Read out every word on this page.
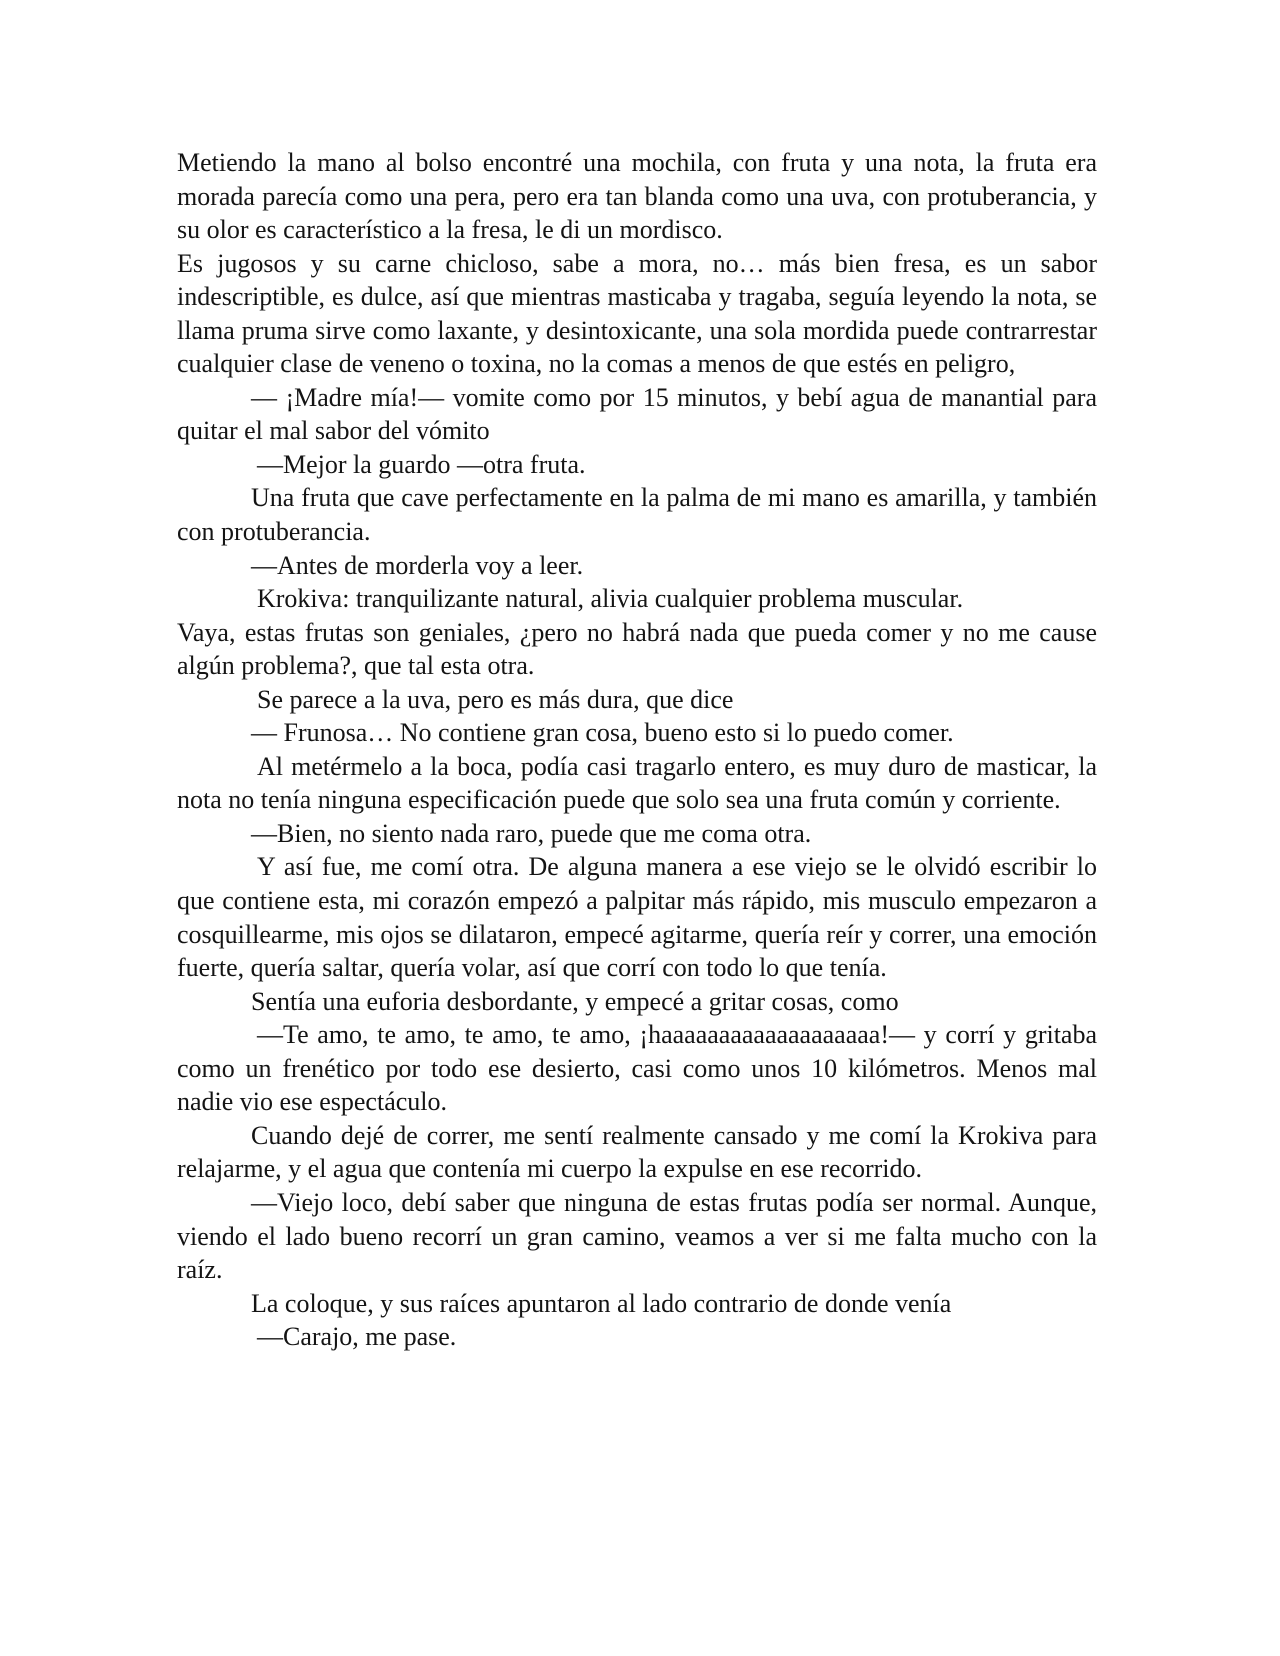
Metiendo la mano al bolso encontré una mochila, con fruta y una nota, la fruta era morada parecía como una pera, pero era tan blanda como una uva, con protuberancia, y su olor es característico a la fresa, le di un mordisco.

Es jugosos y su carne chicloso, sabe a mora, no… más bien fresa, es un sabor indescriptible, es dulce, así que mientras masticaba y tragaba, seguía leyendo la nota, se llama pruma sirve como laxante, y desintoxicante, una sola mordida puede contrarrestar cualquier clase de veneno o toxina, no la comas a menos de que estés en peligro,

— ¡Madre mía!— vomite como por 15 minutos, y bebí agua de manantial para quitar el mal sabor del vómito

—Mejor la guardo —otra fruta.

Una fruta que cave perfectamente en la palma de mi mano es amarilla, y también con protuberancia.

—Antes de morderla voy a leer.

Krokiva: tranquilizante natural, alivia cualquier problema muscular.

Vaya, estas frutas son geniales, ¿pero no habrá nada que pueda comer y no me cause algún problema?, que tal esta otra.

Se parece a la uva, pero es más dura, que dice

— Frunosa… No contiene gran cosa, bueno esto si lo puedo comer.

Al metérmelo a la boca, podía casi tragarlo entero, es muy duro de masticar, la nota no tenía ninguna especificación puede que solo sea una fruta común y corriente.

—Bien, no siento nada raro, puede que me coma otra.

Y así fue, me comí otra. De alguna manera a ese viejo se le olvidó escribir lo que contiene esta, mi corazón empezó a palpitar más rápido, mis musculo empezaron a cosquillearme, mis ojos se dilataron, empecé agitarme, quería reír y correr, una emoción fuerte, quería saltar, quería volar, así que corrí con todo lo que tenía.

Sentía una euforia desbordante, y empecé a gritar cosas, como

—Te amo, te amo, te amo, te amo, ¡haaaaaaaaaaaaaaaaaaa!— y corrí y gritaba como un frenético por todo ese desierto, casi como unos 10 kilómetros. Menos mal nadie vio ese espectáculo.

Cuando dejé de correr, me sentí realmente cansado y me comí la Krokiva para relajarme, y el agua que contenía mi cuerpo la expulse en ese recorrido.

—Viejo loco, debí saber que ninguna de estas frutas podía ser normal. Aunque, viendo el lado bueno recorrí un gran camino, veamos a ver si me falta mucho con la raíz.

La coloque, y sus raíces apuntaron al lado contrario de donde venía

—Carajo, me pase.
